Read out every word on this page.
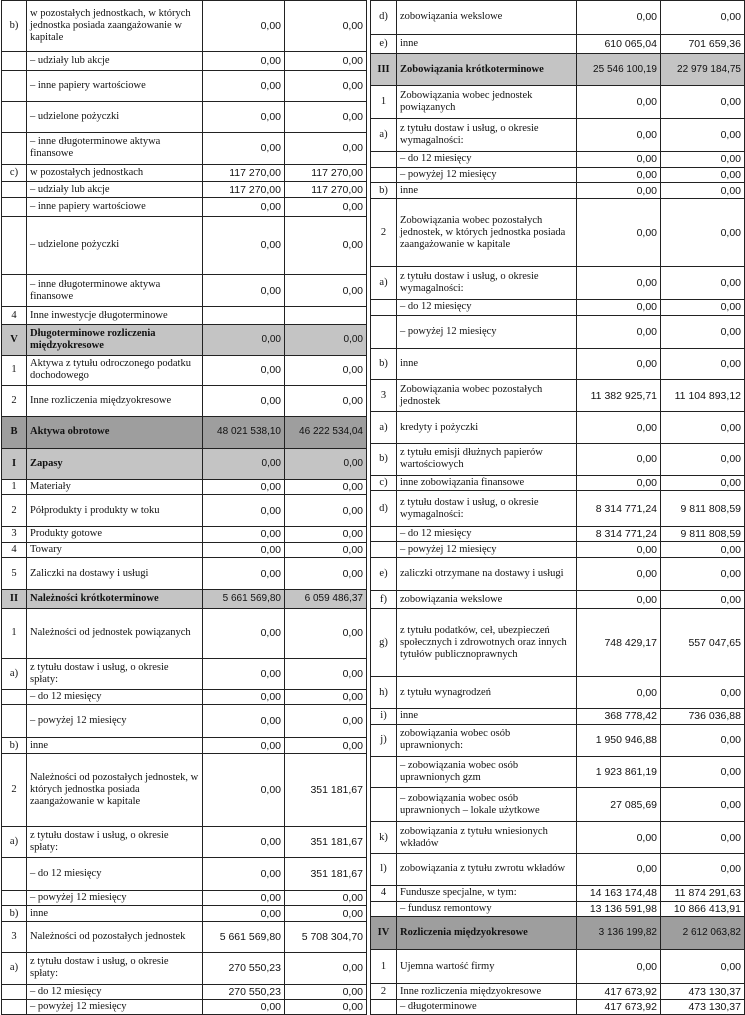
b)	w pozostałych jednostkach, w których jednostka posiada zaangażowanie w kapitale	0,00	0,00
	– udziały lub akcje	0,00	0,00
	– inne papiery wartościowe	0,00	0,00
	– udzielone pożyczki	0,00	0,00
	– inne długoterminowe aktywa finansowe	0,00	0,00
c)	w pozostałych jednostkach	117 270,00	117 270,00
	– udziały lub akcje	117 270,00	117 270,00
	– inne papiery wartościowe	0,00	0,00
	– udzielone pożyczki	0,00	0,00
	– inne długoterminowe aktywa finansowe	0,00	0,00
4	Inne inwestycje długoterminowe		
V	Długoterminowe rozliczenia międzyokresowe	0,00	0,00
1	Aktywa z tytułu odroczonego podatku dochodowego	0,00	0,00
2	Inne rozliczenia międzyokresowe	0,00	0,00
B	Aktywa obrotowe	48 021 538,10	46 222 534,04
I	Zapasy	0,00	0,00
1	Materiały	0,00	0,00
2	Półprodukty i produkty w toku	0,00	0,00
3	Produkty gotowe	0,00	0,00
4	Towary	0,00	0,00
5	Zaliczki na dostawy i usługi	0,00	0,00
II	Należności krótkoterminowe	5 661 569,80	6 059 486,37
1	Należności od jednostek powiązanych	0,00	0,00
a)	z tytułu dostaw i usług, o okresie spłaty:	0,00	0,00
	– do 12 miesięcy	0,00	0,00
	– powyżej 12 miesięcy	0,00	0,00
b)	inne	0,00	0,00
2	Należności od pozostałych jednostek, w których jednostka posiada zaangażowanie w kapitale	0,00	351 181,67
a)	z tytułu dostaw i usług, o okresie spłaty:	0,00	351 181,67
	– do 12 miesięcy	0,00	351 181,67
	– powyżej 12 miesięcy	0,00	0,00
b)	inne	0,00	0,00
3	Należności od pozostałych jednostek	5 661 569,80	5 708 304,70
a)	z tytułu dostaw i usług, o okresie spłaty:	270 550,23	0,00
	– do 12 miesięcy	270 550,23	0,00
	– powyżej 12 miesięcy	0,00	0,00
d)	zobowiązania wekslowe	0,00	0,00
e)	inne	610 065,04	701 659,36
III	Zobowiązania krótkoterminowe	25 546 100,19	22 979 184,75
1	Zobowiązania wobec jednostek powiązanych	0,00	0,00
a)	z tytułu dostaw i usług, o okresie wymagalności:	0,00	0,00
	– do 12 miesięcy	0,00	0,00
	– powyżej 12 miesięcy	0,00	0,00
b)	inne	0,00	0,00
2	Zobowiązania wobec pozostałych jednostek, w których jednostka posiada zaangażowanie w kapitale	0,00	0,00
a)	z tytułu dostaw i usług, o okresie wymagalności:	0,00	0,00
	– do 12 miesięcy	0,00	0,00
	– powyżej 12 miesięcy	0,00	0,00
b)	inne	0,00	0,00
3	Zobowiązania wobec pozostałych jednostek	11 382 925,71	11 104 893,12
a)	kredyty i pożyczki	0,00	0,00
b)	z tytułu emisji dłużnych papierów wartościowych	0,00	0,00
c)	inne zobowiązania finansowe	0,00	0,00
d)	z tytułu dostaw i usług, o okresie wymagalności:	8 314 771,24	9 811 808,59
	– do 12 miesięcy	8 314 771,24	9 811 808,59
	– powyżej 12 miesięcy	0,00	0,00
e)	zaliczki otrzymane na dostawy i usługi	0,00	0,00
f)	zobowiązania wekslowe	0,00	0,00
g)	z tytułu podatków, ceł, ubezpieczeń społecznych i zdrowotnych oraz innych tytułów publicznoprawnych	748 429,17	557 047,65
h)	z tytułu wynagrodzeń	0,00	0,00
i)	inne	368 778,42	736 036,88
j)	zobowiązania wobec osób uprawnionych:	1 950 946,88	0,00
	– zobowiązania wobec osób uprawnionych gzm	1 923 861,19	0,00
	– zobowiązania wobec osób uprawnionych – lokale użytkowe	27 085,69	0,00
k)	zobowiązania z tytułu wniesionych wkładów	0,00	0,00
l)	zobowiązania z tytułu zwrotu wkładów	0,00	0,00
4	Fundusze specjalne, w tym:	14 163 174,48	11 874 291,63
	– fundusz remontowy	13 136 591,98	10 866 413,91
IV	Rozliczenia międzyokresowe	3 136 199,82	2 612 063,82
1	Ujemna wartość firmy	0,00	0,00
2	Inne rozliczenia międzyokresowe	417 673,92	473 130,37
	– długoterminowe	417 673,92	473 130,37
